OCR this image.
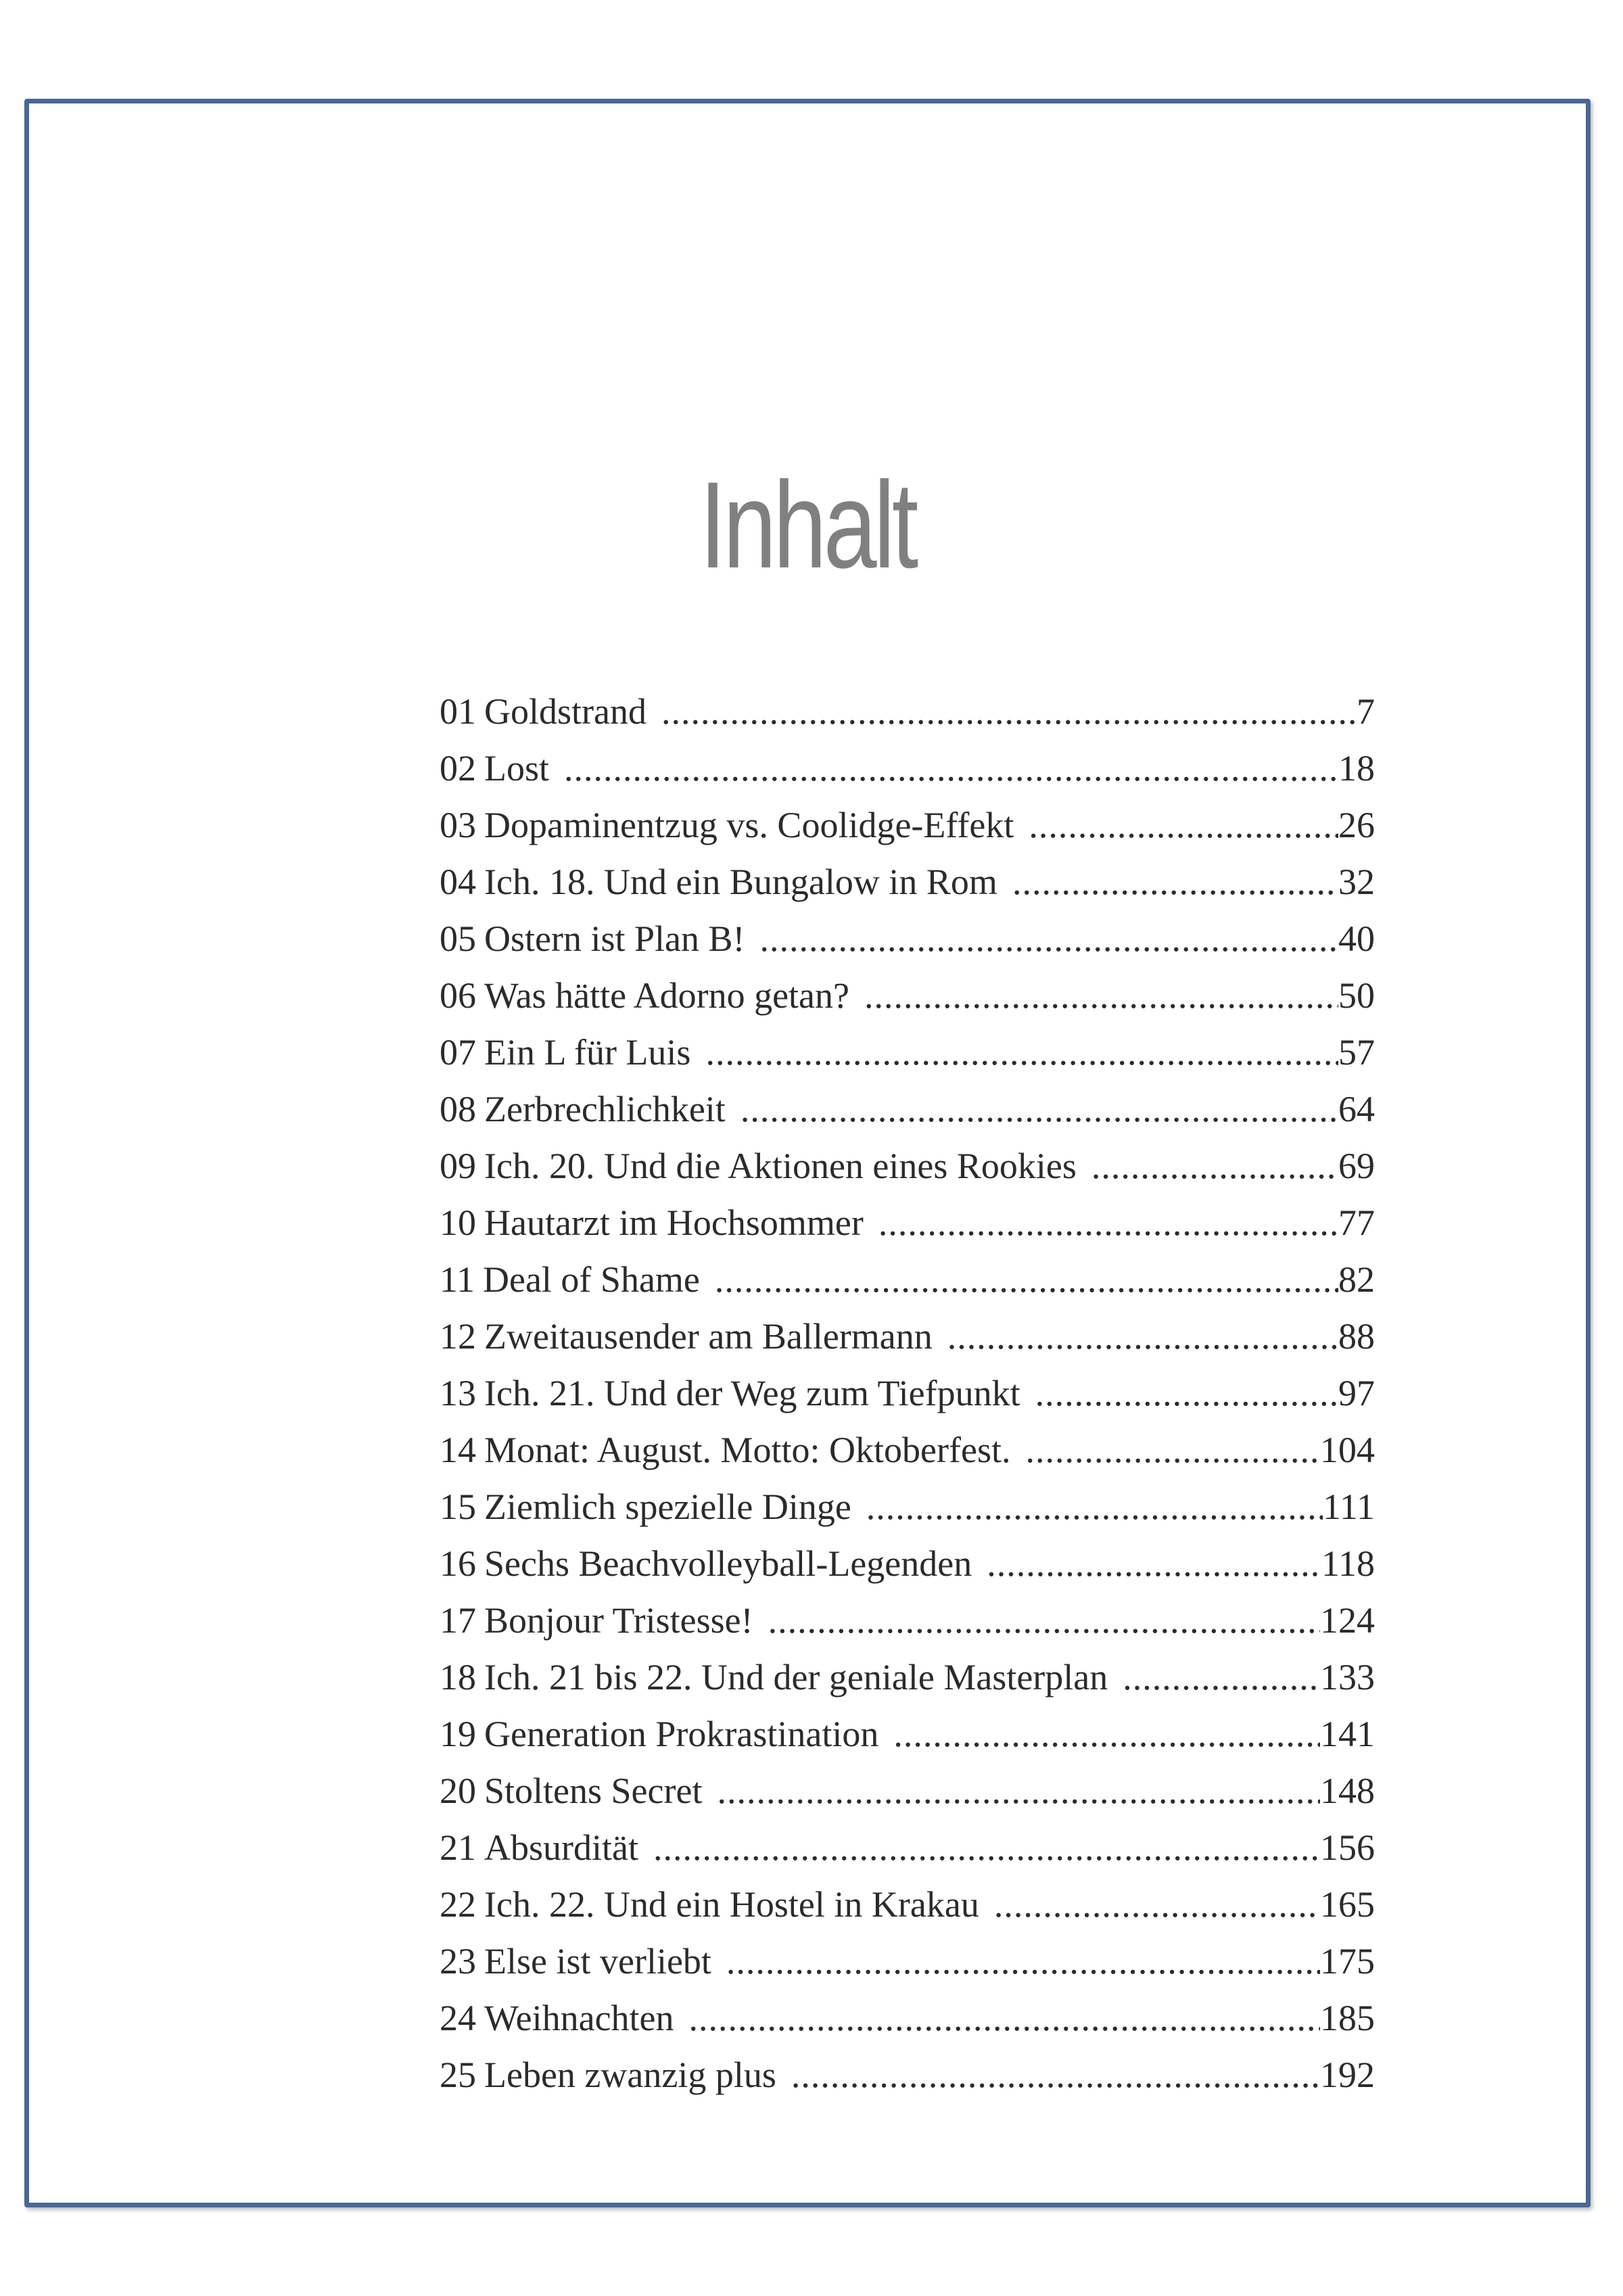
Inhalt
01 Goldstrand .....	7
02 Lost .....	18
03 Dopaminentzug vs. Coolidge-Effekt .....	26
04 Ich. 18. Und ein Bungalow in Rom .....	32
05 Ostern ist Plan B! .....	40
06 Was hätte Adorno getan? .....	50
07 Ein L für Luis .....	57
08 Zerbrechlichkeit .....	64
09 Ich. 20. Und die Aktionen eines Rookies .....	69
10 Hautarzt im Hochsommer .....	77
11 Deal of Shame .....	82
12 Zweitausender am Ballermann .....	88
13 Ich. 21. Und der Weg zum Tiefpunkt .....	97
14 Monat: August. Motto: Oktoberfest. .....	104
15 Ziemlich spezielle Dinge .....	111
16 Sechs Beachvolleyball-Legenden .....	118
17 Bonjour Tristesse! .....	124
18 Ich. 21 bis 22. Und der geniale Masterplan .....	133
19 Generation Prokrastination .....	141
20 Stoltens Secret .....	148
21 Absurdität .....	156
22 Ich. 22. Und ein Hostel in Krakau .....	165
23 Else ist verliebt .....	175
24 Weihnachten .....	185
25 Leben zwanzig plus .....	192
